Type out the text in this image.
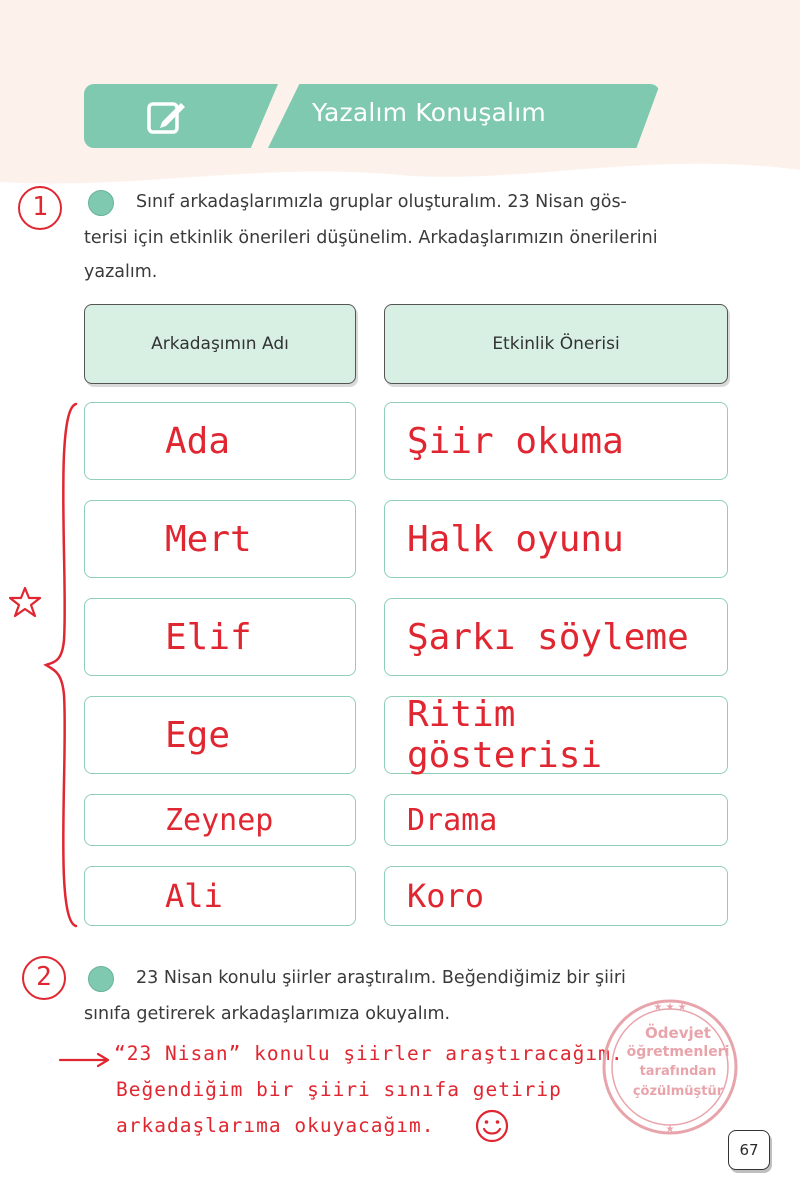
Yazalım Konuşalım
1	Sınıf arkadaşlarımızla gruplar oluşturalım. 23 Nisan gös-
terisi için etkinlik önerileri düşünelim. Arkadaşlarımızın önerilerini
yazalım.
Arkadaşımın Adı	Etkinlik Önerisi
Ada	Şiir okuma
Mert	Halk oyunu
Elif	Şarkı söyleme
Ege	Ritim gösterisi
Zeynep	Drama
Ali	Koro
2	23 Nisan konulu şiirler araştıralım. Beğendiğimiz bir şiiri
sınıfa getirerek arkadaşlarımıza okuyalım.
“23 Nisan” konulu şiirler araştıracağım.
Beğendiğim bir şiiri sınıfa getirip
arkadaşlarıma okuyacağım.
★ ★ ★
★
Ödevjet
öğretmenleri
tarafından
çözülmüştür
67
